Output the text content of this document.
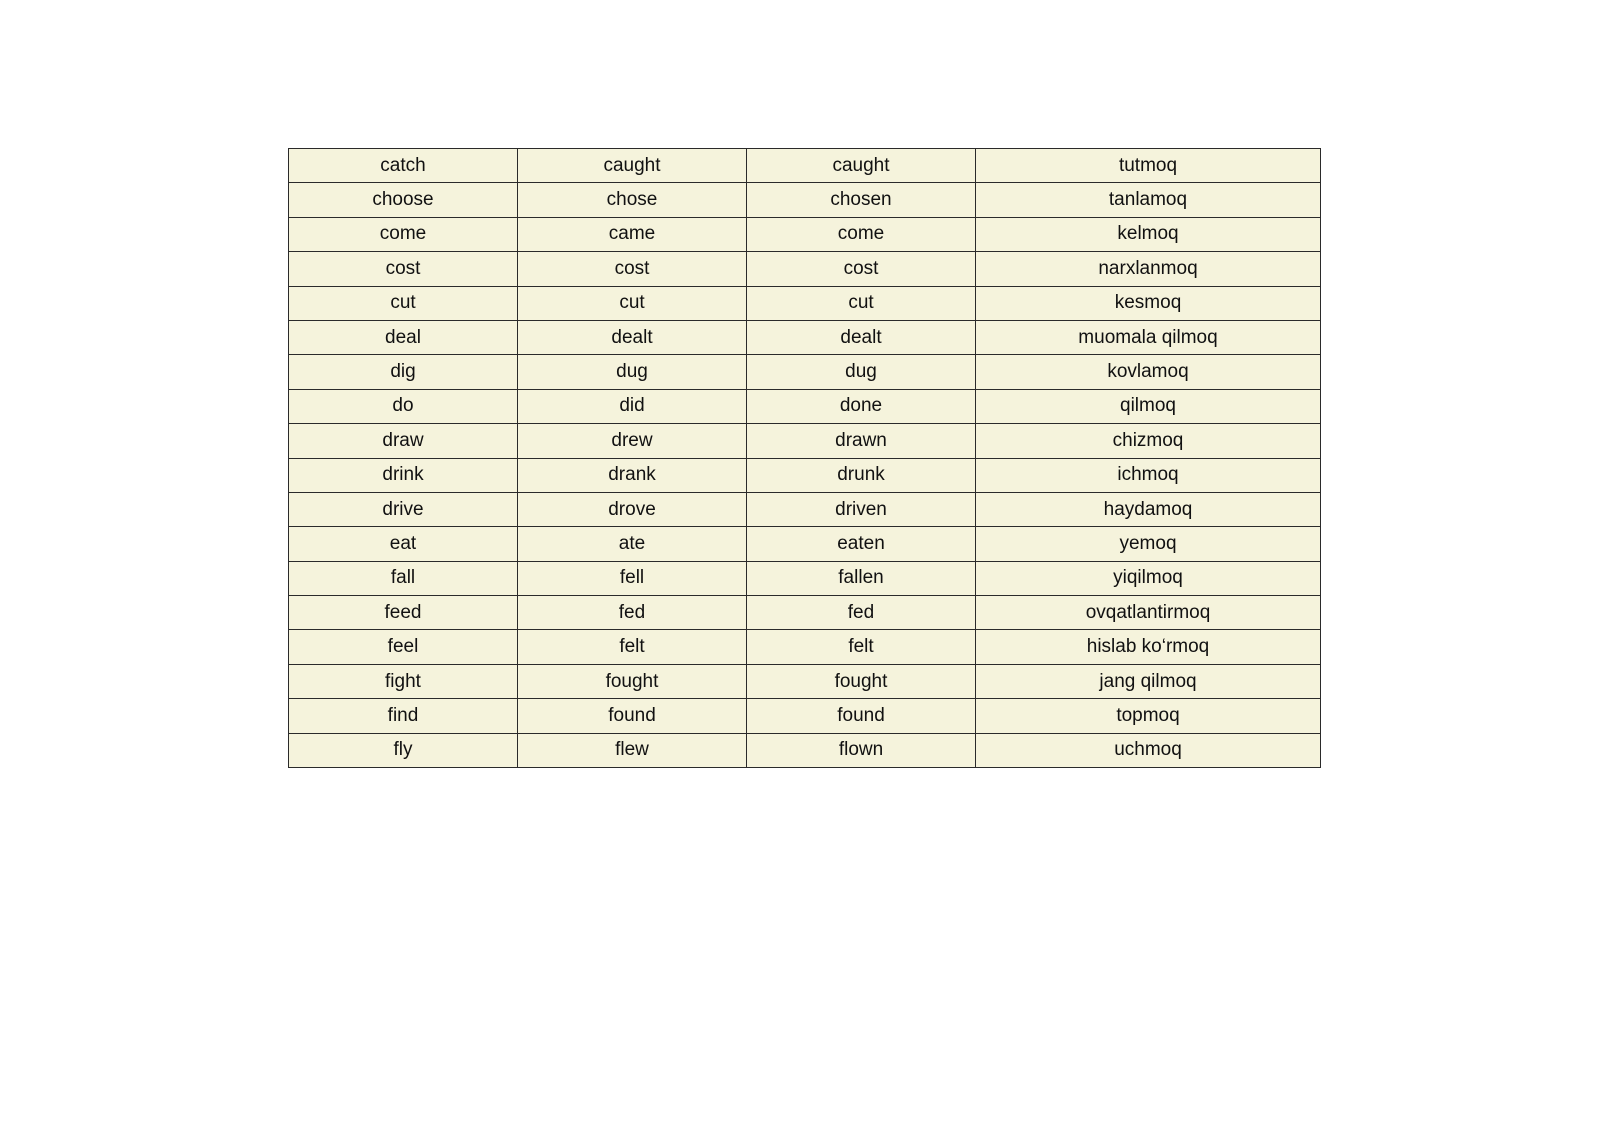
catch	caught	caught	tutmoq
choose	chose	chosen	tanlamoq
come	came	come	kelmoq
cost	cost	cost	narxlanmoq
cut	cut	cut	kesmoq
deal	dealt	dealt	muomala qilmoq
dig	dug	dug	kovlamoq
do	did	done	qilmoq
draw	drew	drawn	chizmoq
drink	drank	drunk	ichmoq
drive	drove	driven	haydamoq
eat	ate	eaten	yemoq
fall	fell	fallen	yiqilmoq
feed	fed	fed	ovqatlantirmoq
feel	felt	felt	hislab ko‘rmoq
fight	fought	fought	jang qilmoq
find	found	found	topmoq
fly	flew	flown	uchmoq
